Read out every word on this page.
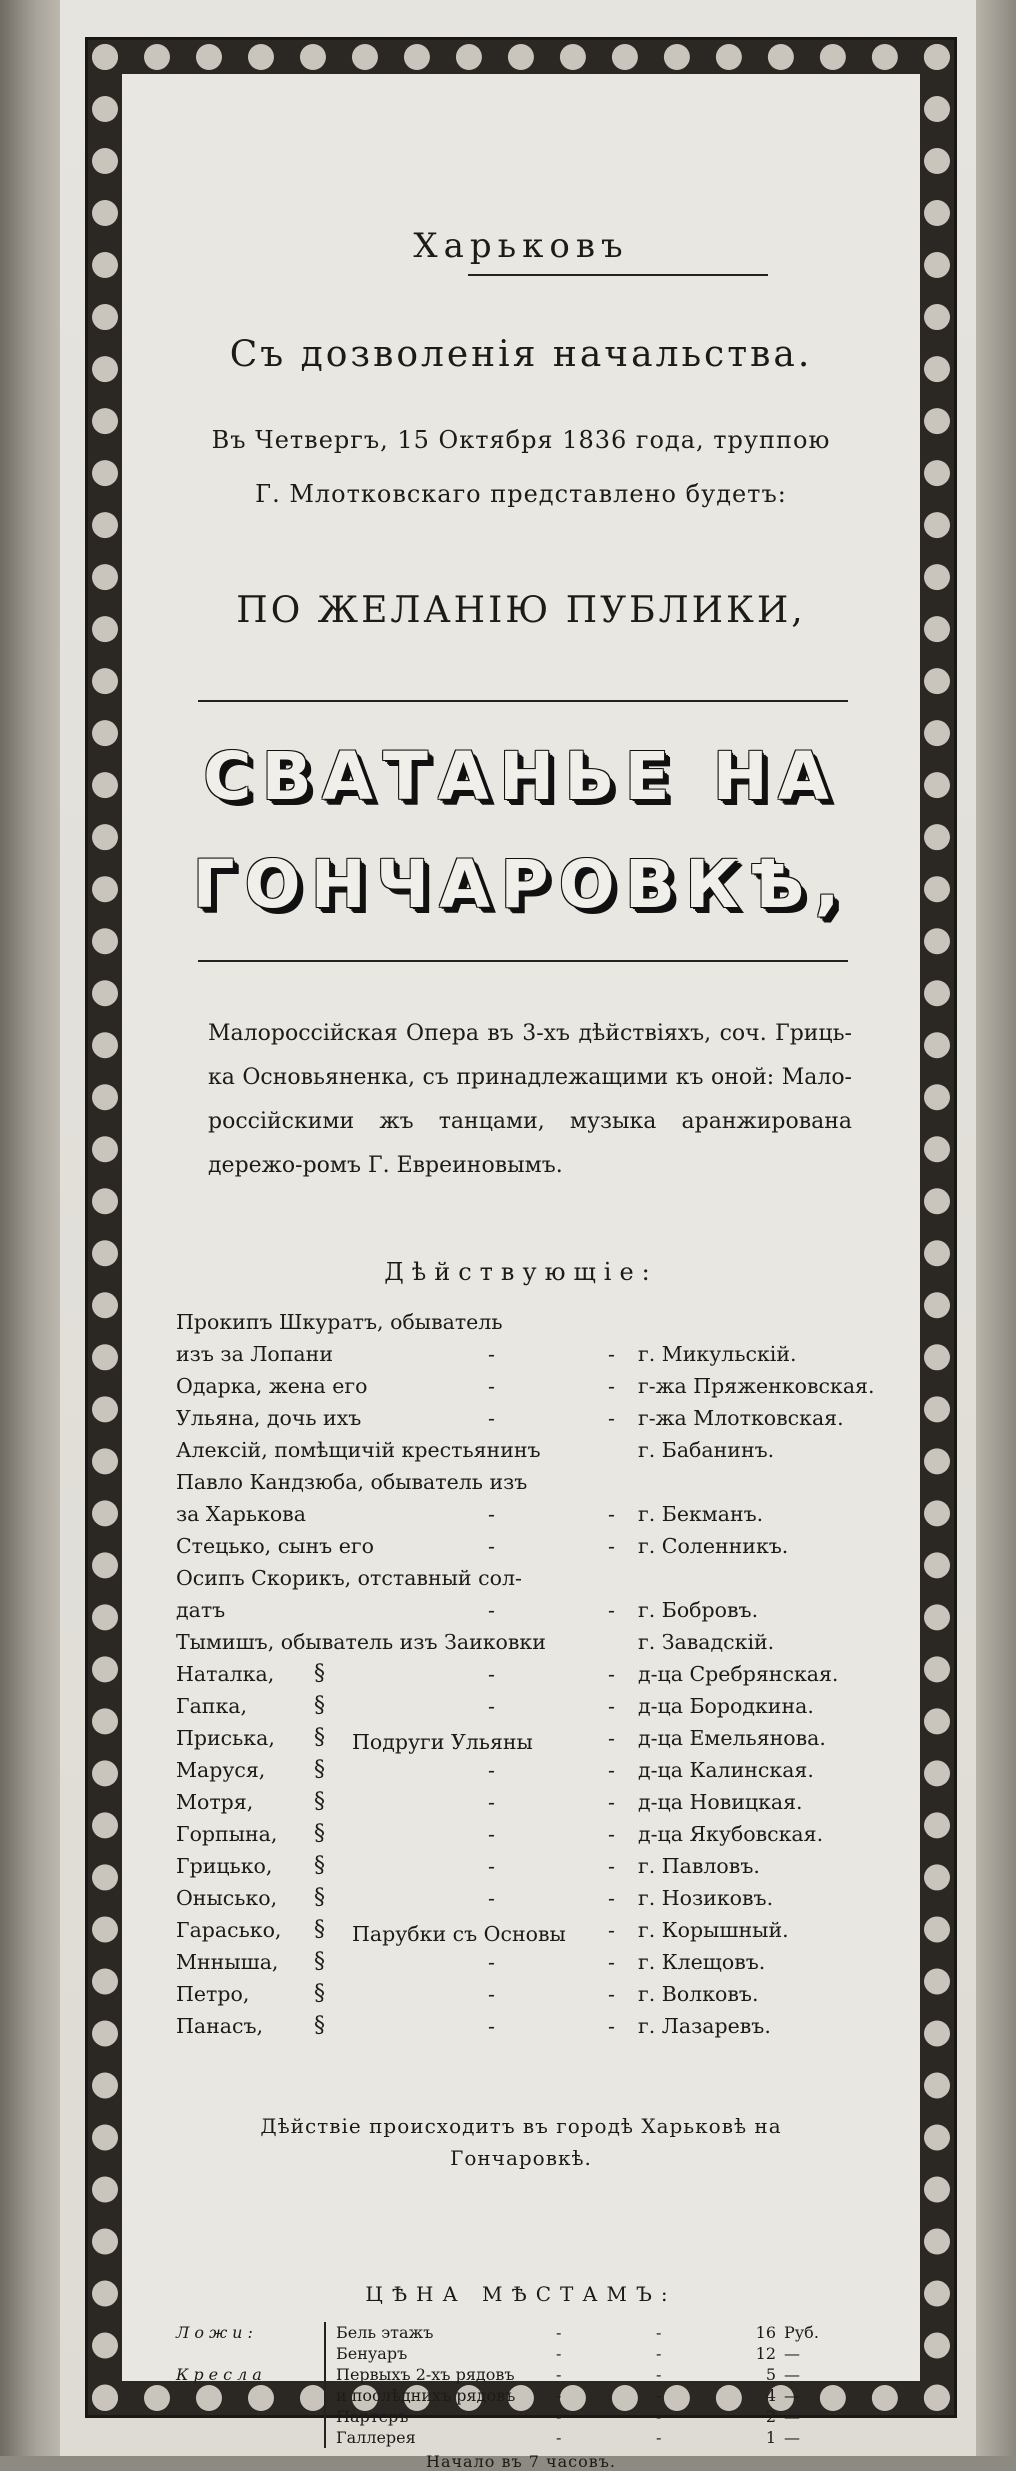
Харьковъ
Съ дозволенія начальства.
Въ Четвергъ, 15 Октября 1836 года, труппою
Г. Млотковскаго представлено будетъ:
ПО ЖЕЛАНІЮ ПУБЛИКИ,
СВАТАНЬЕ НА
ГОНЧАРОВКѢ,
Малороссійская Опера въ 3-хъ дѣйствіяхъ, соч. Гриць-ка Основьяненка, съ принадлежащими къ оной: Мало-россійскими жъ танцами, музыка аранжирована дережо-ромъ Г. Евреиновымъ.
Дѣйствующіе:
Прокипъ Шкуратъ, обыватель
изъ за Лопани	-	- г. Микульскій.
Одарка, жена его	-	- г-жа Пряженковская.
Ульяна, дочь ихъ	-	- г-жа Млотковская.
Алексій, помѣщичій крестьянинъ	г. Бабанинъ.
Павло Кандзюба, обыватель изъ
за Харькова	-	- г. Бекманъ.
Стецько, сынъ его	-	- г. Соленникъ.
Осипъ Скорикъ, отставный сол-
датъ	-	- г. Бобровъ.
Тымишъ, обыватель изъ Заиковки	г. Завадскій.
Наталка, §	-	- д-ца Сребрянская.
Гапка,	§	-	- д-ца Бородкина.
Приська, §	- д-ца Емельянова.
Маруся, §	-	- д-ца Калинская.
Мотря,	§	-	- д-ца Новицкая.
Горпына, §	-	- д-ца Якубовская.
Подруги Ульяны
Грицько, §	-	- г. Павловъ.
Онысько, §	-	- г. Нозиковъ.
Гарасько, §	- г. Корышный.
Мнныша, §	-	- г. Клещовъ.
Петро,	§	-	- г. Волковъ.
Панасъ, §	-	- г. Лазаревъ.
Парубки съ Основы
Дѣйствіе происходитъ въ городѣ Харьковѣ на
Гончаровкѣ.
ЦѢНА МѢСТАМЪ:
Ложи:	Бель этажъ	-	-	16 Руб.
Бенуаръ	-	-	12 —
Кресла	Первыхъ 2-хъ рядовъ	-	-	5 —
и послѣднихъ рядовъ	-	-	4 —
Партеръ	-	-	2 —
Галлерея	-	-	1 —
Начало въ 7 часовъ.
